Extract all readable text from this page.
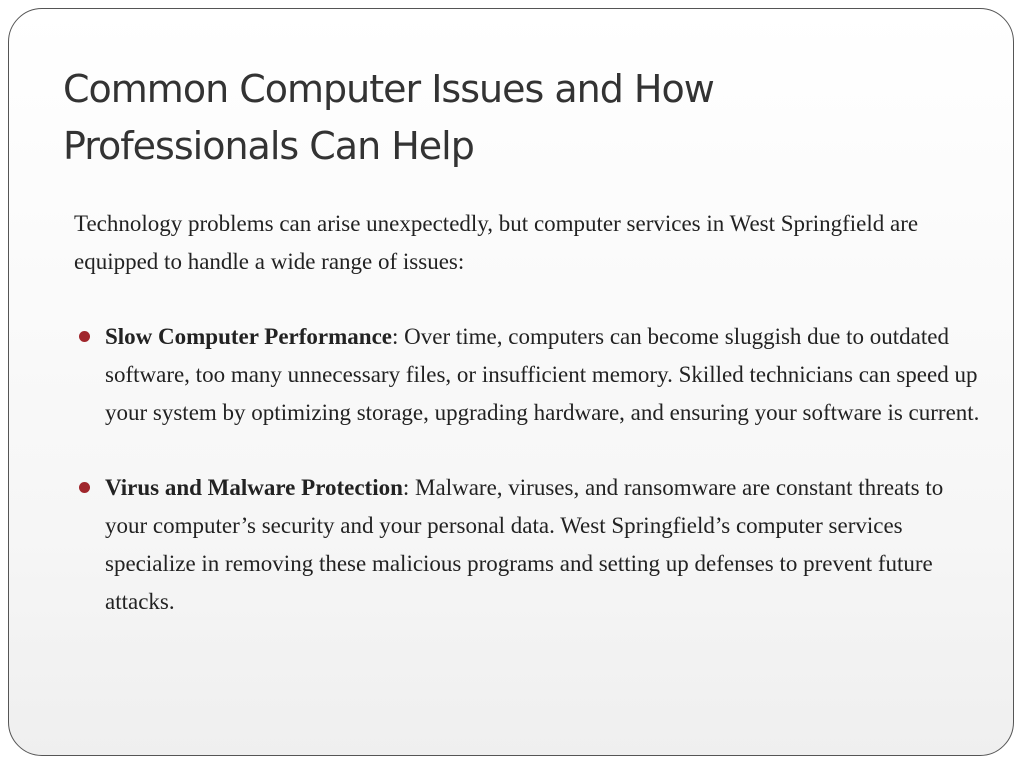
Common Computer Issues and How
Professionals Can Help

Technology problems can arise unexpectedly, but computer services in West Springfield are equipped to handle a wide range of issues:

Slow Computer Performance: Over time, computers can become sluggish due to outdated software, too many unnecessary files, or insufficient memory. Skilled technicians can speed up your system by optimizing storage, upgrading hardware, and ensuring your software is current.
Virus and Malware Protection: Malware, viruses, and ransomware are constant threats to your computer’s security and your personal data. West Springfield’s computer services specialize in removing these malicious programs and setting up defenses to prevent future attacks.
